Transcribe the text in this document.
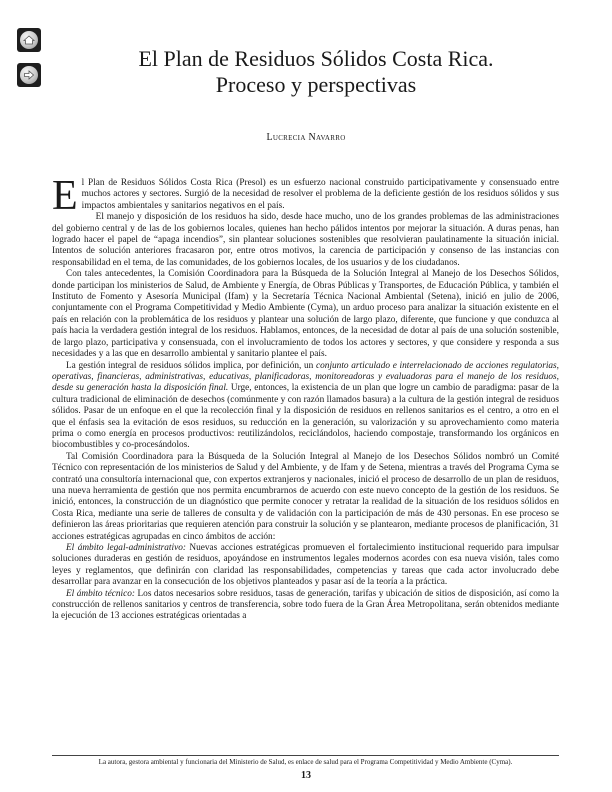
El Plan de Residuos Sólidos Costa Rica.
Proceso y perspectivas
Lucrecia Navarro

El Plan de Residuos Sólidos Costa Rica (Presol) es un esfuerzo nacional construido participativamente y consensuado entre muchos actores y sectores. Surgió de la necesidad de resolver el problema de la deficiente gestión de los residuos sólidos y sus impactos ambientales y sanitarios negativos en el país.

El manejo y disposición de los residuos ha sido, desde hace mucho, uno de los grandes problemas de las administraciones del gobierno central y de las de los gobiernos locales, quienes han hecho pálidos intentos por mejorar la situación. A duras penas, han logrado hacer el papel de “apaga incendios”, sin plantear soluciones sostenibles que resolvieran paulatinamente la situación inicial. Intentos de solución anteriores fracasaron por, entre otros motivos, la carencia de participación y consenso de las instancias con responsabilidad en el tema, de las comunidades, de los gobiernos locales, de los usuarios y de los ciudadanos.

Con tales antecedentes, la Comisión Coordinadora para la Búsqueda de la Solución Integral al Manejo de los Desechos Sólidos, donde participan los ministerios de Salud, de Ambiente y Energía, de Obras Públicas y Transportes, de Educación Pública, y también el Instituto de Fomento y Asesoría Municipal (Ifam) y la Secretaría Técnica Nacional Ambiental (Setena), inició en julio de 2006, conjuntamente con el Programa Competitividad y Medio Ambiente (Cyma), un arduo proceso para analizar la situación existente en el país en relación con la problemática de los residuos y plantear una solución de largo plazo, diferente, que funcione y que conduzca al país hacia la verdadera gestión integral de los residuos. Hablamos, entonces, de la necesidad de dotar al país de una solución sostenible, de largo plazo, participativa y consensuada, con el involucramiento de todos los actores y sectores, y que considere y responda a sus necesidades y a las que en desarrollo ambiental y sanitario plantee el país.

La gestión integral de residuos sólidos implica, por definición, un conjunto articulado e interrelacionado de acciones regulatorias, operativas, financieras, administrativas, educativas, planificadoras, monitoreadoras y evaluadoras para el manejo de los residuos, desde su generación hasta la disposición final. Urge, entonces, la existencia de un plan que logre un cambio de paradigma: pasar de la cultura tradicional de eliminación de desechos (comúnmente y con razón llamados basura) a la cultura de la gestión integral de residuos sólidos. Pasar de un enfoque en el que la recolección final y la disposición de residuos en rellenos sanitarios es el centro, a otro en el que el énfasis sea la evitación de esos residuos, su reducción en la generación, su valorización y su aprovechamiento como materia prima o como energía en procesos productivos: reutilizándolos, reciclándolos, haciendo compostaje, transformando los orgánicos en biocombustibles y co-procesándolos.

Tal Comisión Coordinadora para la Búsqueda de la Solución Integral al Manejo de los Desechos Sólidos nombró un Comité Técnico con representación de los ministerios de Salud y del Ambiente, y de Ifam y de Setena, mientras a través del Programa Cyma se contrató una consultoría internacional que, con expertos extranjeros y nacionales, inició el proceso de desarrollo de un plan de residuos, una nueva herramienta de gestión que nos permita encumbrarnos de acuerdo con este nuevo concepto de la gestión de los residuos. Se inició, entonces, la construcción de un diagnóstico que permite conocer y retratar la realidad de la situación de los residuos sólidos en Costa Rica, mediante una serie de talleres de consulta y de validación con la participación de más de 430 personas. En ese proceso se definieron las áreas prioritarias que requieren atención para construir la solución y se plantearon, mediante procesos de planificación, 31 acciones estratégicas agrupadas en cinco ámbitos de acción:

El ámbito legal-administrativo: Nuevas acciones estratégicas promueven el fortalecimiento institucional requerido para impulsar soluciones duraderas en gestión de residuos, apoyándose en instrumentos legales modernos acordes con esa nueva visión, tales como leyes y reglamentos, que definirán con claridad las responsabilidades, competencias y tareas que cada actor involucrado debe desarrollar para avanzar en la consecución de los objetivos planteados y pasar así de la teoría a la práctica.

El ámbito técnico: Los datos necesarios sobre residuos, tasas de generación, tarifas y ubicación de sitios de disposición, así como la construcción de rellenos sanitarios y centros de transferencia, sobre todo fuera de la Gran Área Metropolitana, serán obtenidos mediante la ejecución de 13 acciones estratégicas orientadas a

La autora, gestora ambiental y funcionaria del Ministerio de Salud, es enlace de salud para el Programa Competitividad y Medio Ambiente (Cyma).
13
